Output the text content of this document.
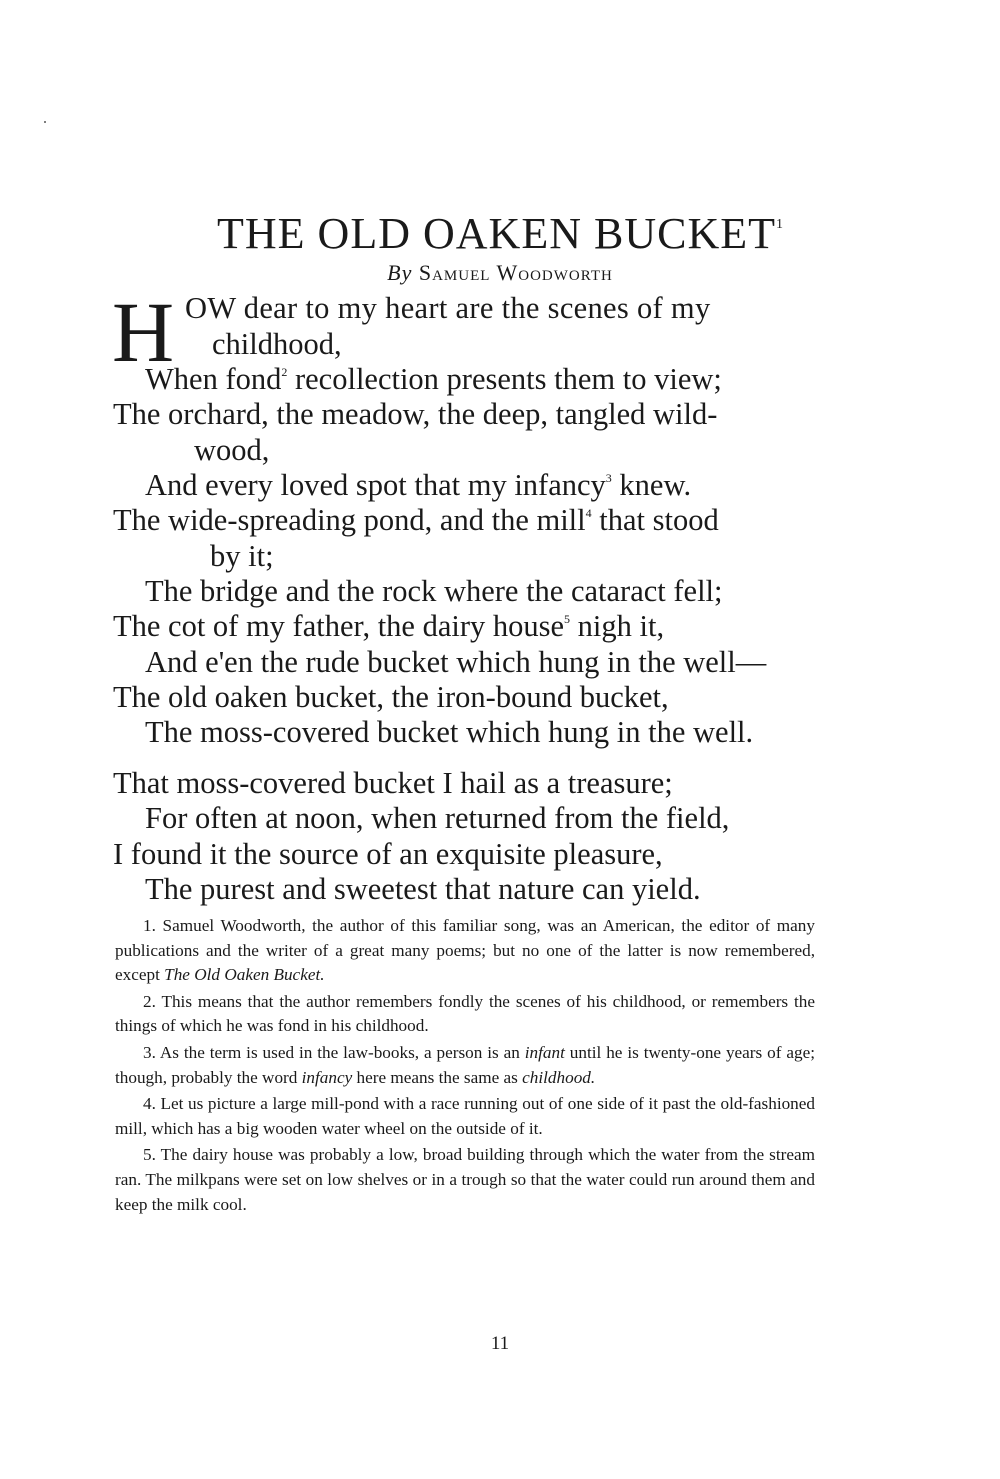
THE OLD OAKEN BUCKET$^1$
By Samuel Woodworth
H OW dear to my heart are the scenes of my
childhood,
When fond$^2$ recollection presents them to view;
The orchard, the meadow, the deep, tangled wild-
wood,
And every loved spot that my infancy$^3$ knew.
The wide-spreading pond, and the mill$^4$ that stood
by it;
The bridge and the rock where the cataract fell;
The cot of my father, the dairy house$^5$ nigh it,
And e'en the rude bucket which hung in the well—
The old oaken bucket, the iron-bound bucket,
The moss-covered bucket which hung in the well.
That moss-covered bucket I hail as a treasure;
For often at noon, when returned from the field,
I found it the source of an exquisite pleasure,
The purest and sweetest that nature can yield.

1. Samuel Woodworth, the author of this familiar song, was an American, the editor of many publications and the writer of a great many poems; but no one of the latter is now remembered, except The Old Oaken Bucket.

2. This means that the author remembers fondly the scenes of his childhood, or remembers the things of which he was fond in his childhood.

3. As the term is used in the law-books, a person is an infant until he is twenty-one years of age; though, probably the word infancy here means the same as childhood.

4. Let us picture a large mill-pond with a race running out of one side of it past the old-fashioned mill, which has a big wooden water wheel on the outside of it.

5. The dairy house was probably a low, broad building through which the water from the stream ran. The milkpans were set on low shelves or in a trough so that the water could run around them and keep the milk cool.

11
